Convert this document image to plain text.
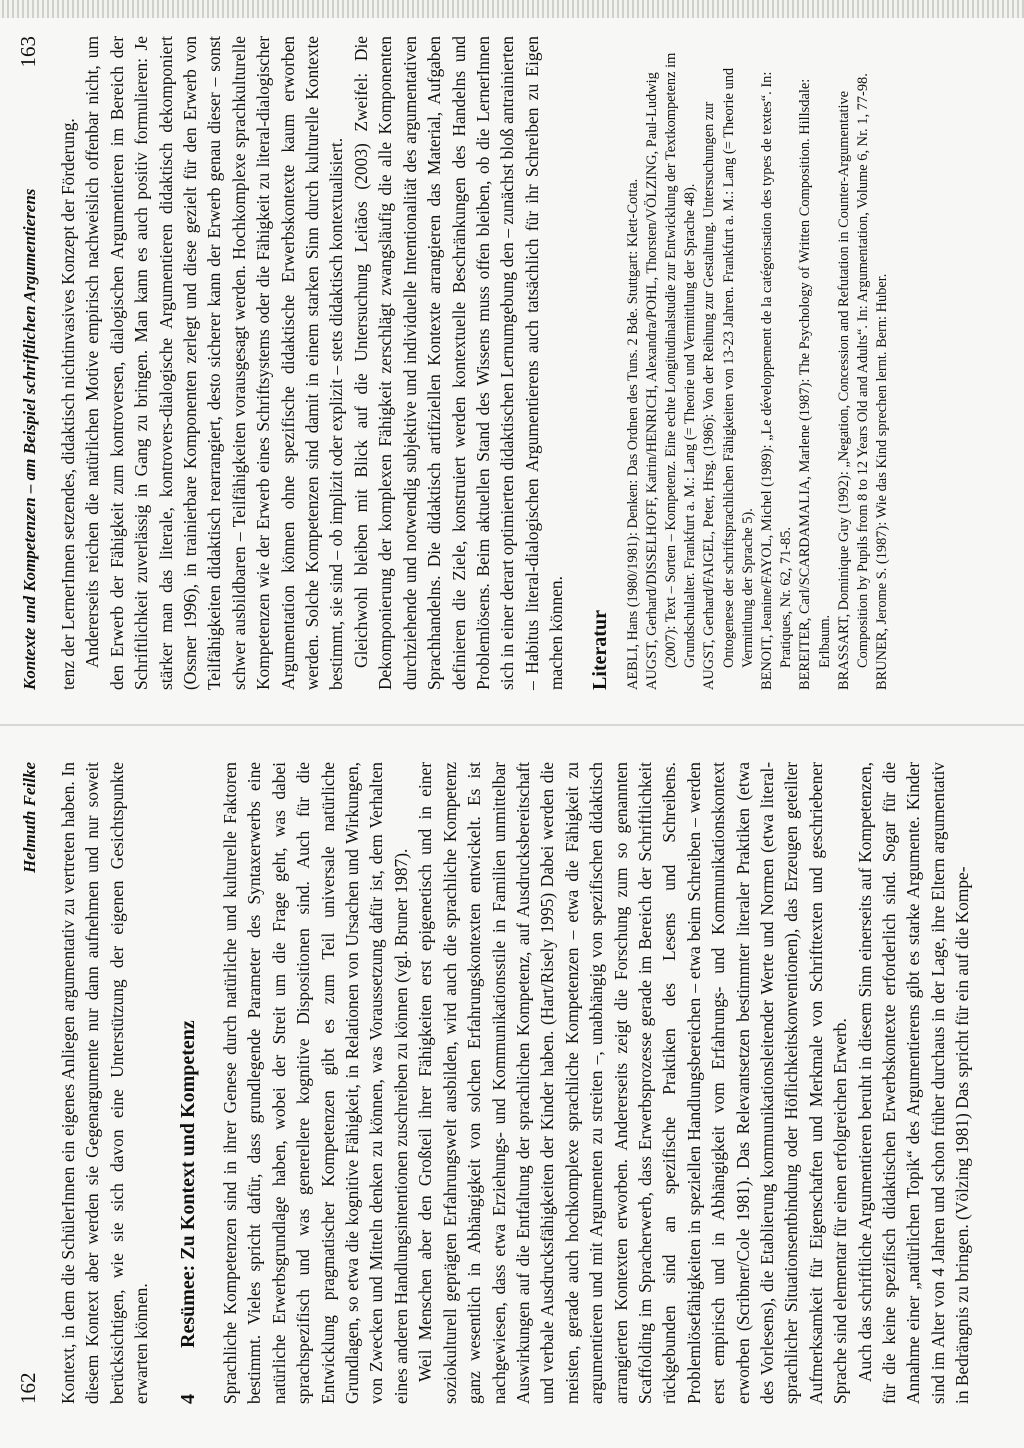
162
Helmuth Feilke Kontext, in dem die SchülerInnen ein eigenes Anliegen argumentativ zu vertreten haben. In diesem Kontext aber werden sie Gegenargumente nur dann aufnehmen und nur soweit berücksichtigen, wie sie sich davon eine Unterstützung der eigenen Gesichtspunkte erwarten können. 4
Resümee: Zu Kontext und Kompetenz Sprachliche Kompetenzen sind in ihrer Genese durch natürliche und kulturelle Faktoren bestimmt. Vieles spricht dafür, dass grundlegende Parameter des Syntaxerwerbs eine natürliche Erwerbsgrundlage haben, wobei der Streit um die Frage geht, was dabei sprachspezifisch und was generellere kognitive Dispositionen sind. Auch für die Entwicklung pragmatischer Kompetenzen gibt es zum Teil universale natürliche Grundlagen, so etwa die kognitive Fähigkeit, in Relationen von Ursachen und Wirkungen, von Zwecken und Mitteln denken zu können, was Voraussetzung dafür ist, dem Verhalten eines anderen Handlungsintentionen zuschreiben zu können (vgl. Bruner 1987). Weil Menschen aber den Großteil ihrer Fähigkeiten erst epigenetisch und in einer soziokulturell geprägten Erfahrungswelt ausbilden, wird auch die sprachliche Kompetenz ganz wesentlich in Abhängigkeit von solchen Erfahrungskontexten entwickelt. Es ist nachgewiesen, dass etwa Erziehungs- und Kommunikationsstile in Familien unmittelbar Auswirkungen auf die Entfaltung der sprachlichen Kompetenz, auf Ausdrucksbereitschaft und verbale Ausdrucksfähigkeiten der Kinder haben. (Hart/Risely 1995) Dabei werden die meisten, gerade auch hochkomplexe sprachliche Kompetenzen – etwa die Fähigkeit zu argumentieren und mit Argumenten zu streiten –, unabhängig von spezifischen didaktisch arrangierten Kontexten erworben. Andererseits zeigt die Forschung zum so genannten Scaffolding im Spracherwerb, dass Erwerbsprozesse gerade im Bereich der Schriftlichkeit rückgebunden sind an spezifische Praktiken des Lesens und Schreibens. Problemlösefähigkeiten in speziellen Handlungsbereichen – etwa beim Schreiben – werden erst empirisch und in Abhängigkeit vom Erfahrungs- und Kommunikationskontext erworben (Scribner/Cole 1981). Das Relevantsetzen bestimmter literaler Praktiken (etwa des Vorlesens), die Etablierung kommunikationsleitender Werte und Normen (etwa literal-sprachlicher Situationsentbindung oder Höflichkeitskonventionen), das Erzeugen geteilter Aufmerksamkeit für Eigenschaften und Merkmale von Schrifttexten und geschriebener Sprache sind elementar für einen erfolgreichen Erwerb. Auch das schriftliche Argumentieren beruht in diesem Sinn einerseits auf Kompetenzen, für die keine spezifisch didaktischen Erwerbskontexte erforderlich sind. Sogar für die Annahme einer „natürlichen Topik“ des Argumentierens gibt es starke Argumente. Kinder sind im Alter von 4 Jahren und schon früher durchaus in der Lage, ihre Eltern argumentativ in Bedrängnis zu bringen. (Völzing 1981) Das spricht für ein auf die Kompe-

Kontexte und Kompetenzen – am Beispiel schriftlichen Argumentierens
163

tenz der LernerInnen setzendes, didaktisch nichtinvasives Konzept der Förderung. Andererseits reichen die natürlichen Motive empirisch nachweislich offenbar nicht, um den Erwerb der Fähigkeit zum kontroversen, dialogischen Argumentieren im Bereich der Schriftlichkeit zuverlässig in Gang zu bringen. Man kann es auch positiv formulieren: Je stärker man das literale, kontrovers-dialogische Argumentieren didaktisch dekomponiert (Ossner 1996), in trainierbare Komponenten zerlegt und diese gezielt für den Erwerb von Teilfähigkeiten didaktisch rearrangiert, desto sicherer kann der Erwerb genau dieser – sonst schwer ausbildbaren – Teilfähigkeiten vorausgesagt werden. Hochkomplexe sprachkulturelle Kompetenzen wie der Erwerb eines Schriftsystems oder die Fähigkeit zu literal-dialogischer Argumentation können ohne spezifische didaktische Erwerbskontexte kaum erworben werden. Solche Kompetenzen sind damit in einem starken Sinn durch kulturelle Kontexte bestimmt, sie sind – ob implizit oder explizit – stets didaktisch kontextualisiert. Gleichwohl bleiben mit Blick auf die Untersuchung Leitãos (2003) Zweifel: Die Dekomponierung der komplexen Fähigkeit zerschlägt zwangsläufig die alle Komponenten durchziehende und notwendig subjektive und individuelle Intentionalität des argumentativen Sprachhandelns. Die didaktisch artifiziellen Kontexte arrangieren das Material, Aufgaben definieren die Ziele, konstruiert werden kontextuelle Beschränkungen des Handelns und Problemlösens. Beim aktuellen Stand des Wissens muss offen bleiben, ob die LernerInnen sich in einer derart optimierten didaktischen Lernumgebung den – zunächst bloß antrainierten – Habitus literal-dialogischen Argumentierens auch tatsächlich für ihr Schreiben zu Eigen machen können. Literatur AEBLI, Hans (1980/1981): Denken: Das Ordnen des Tuns. 2 Bde. Stuttgart: Klett-Cotta. AUGST, Gerhard/DISSELHOFF, Katrin/HENRICH, Alexandra/POHL, Thorsten/VÖLZING, Paul-Ludwig (2007): Text – Sorten – Kompetenz. Eine echte Longitudinalstudie zur Entwicklung der Textkompetenz im Grundschulalter. Frankfurt a. M.: Lang (= Theorie und Vermittlung der Sprache 48). AUGST, Gerhard/FAIGEL, Peter, Hrsg. (1986): Von der Reihung zur Gestaltung. Untersuchungen zur Ontogenese der schriftsprachlichen Fähigkeiten von 13-23 Jahren. Frankfurt a. M.: Lang (= Theorie und Vermittlung der Sprache 5). BENOIT, Jeanine/FAYOL, Michel (1989): „Le développement de la catégorisation des types de textes“. In: Pratiques, Nr. 62, 71-85. BEREITER, Carl/SCARDAMALIA, Marlene (1987): The Psychology of Written Composition. Hillsdale: Erlbaum. BRASSART, Dominique Guy (1992): „Negation, Concession and Refutation in Counter-Argumentative Composition by Pupils from 8 to 12 Years Old and Adults“. In: Argumentation, Volume 6, Nr. 1, 77-98. BRUNER, Jerome S. (1987): Wie das Kind sprechen lernt. Bern: Huber.
